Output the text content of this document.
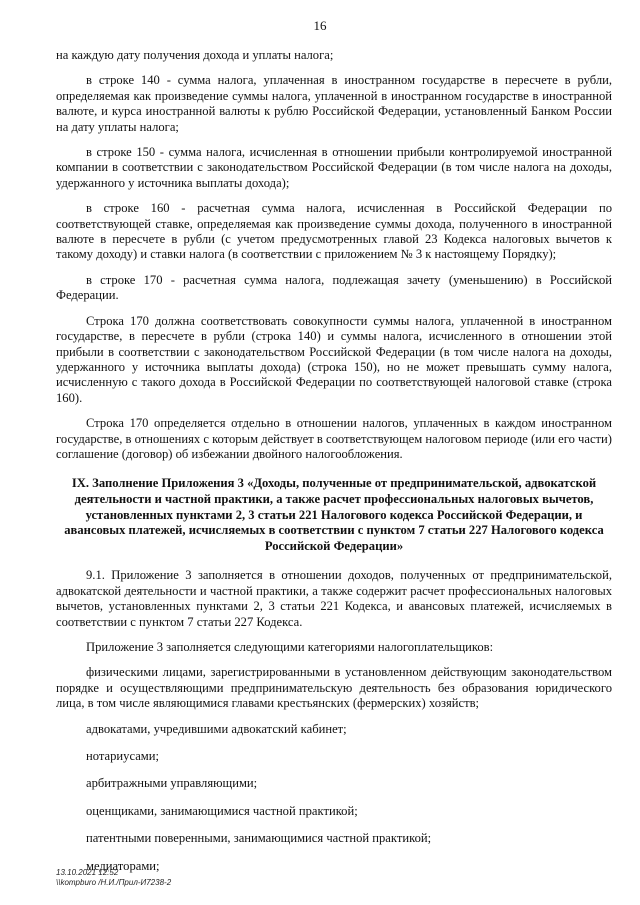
16

на каждую дату получения дохода и уплаты налога;

в строке 140 - сумма налога, уплаченная в иностранном государстве в пересчете в рубли, определяемая как произведение суммы налога, уплаченной в иностранном государстве в иностранной валюте, и курса иностранной валюты к рублю Российской Федерации, установленный Банком России на дату уплаты налога;

в строке 150 - сумма налога, исчисленная в отношении прибыли контролируемой иностранной компании в соответствии с законодательством Российской Федерации (в том числе налога на доходы, удержанного у источника выплаты дохода);

в строке 160 - расчетная сумма налога, исчисленная в Российской Федерации по соответствующей ставке, определяемая как произведение суммы дохода, полученного в иностранной валюте в пересчете в рубли (с учетом предусмотренных главой 23 Кодекса налоговых вычетов к такому доходу) и ставки налога (в соответствии с приложением № 3 к настоящему Порядку);

в строке 170 - расчетная сумма налога, подлежащая зачету (уменьшению) в Российской Федерации.

Строка 170 должна соответствовать совокупности суммы налога, уплаченной в иностранном государстве, в пересчете в рубли (строка 140) и суммы налога, исчисленного в отношении этой прибыли в соответствии с законодательством Российской Федерации (в том числе налога на доходы, удержанного у источника выплаты дохода) (строка 150), но не может превышать сумму налога, исчисленную с такого дохода в Российской Федерации по соответствующей налоговой ставке (строка 160).

Строка 170 определяется отдельно в отношении налогов, уплаченных в каждом иностранном государстве, в отношениях с которым действует в соответствующем налоговом периоде (или его части) соглашение (договор) об избежании двойного налогообложения.

IX. Заполнение Приложения 3 «Доходы, полученные от предпринимательской, адвокатской деятельности и частной практики, а также расчет профессиональных налоговых вычетов, установленных пунктами 2, 3 статьи 221 Налогового кодекса Российской Федерации, и авансовых платежей, исчисляемых в соответствии с пунктом 7 статьи 227 Налогового кодекса Российской Федерации»

9.1. Приложение 3 заполняется в отношении доходов, полученных от предпринимательской, адвокатской деятельности и частной практики, а также содержит расчет профессиональных налоговых вычетов, установленных пунктами 2, 3 статьи 221 Кодекса, и авансовых платежей, исчисляемых в соответствии с пунктом 7 статьи 227 Кодекса.

Приложение 3 заполняется следующими категориями налогоплательщиков:

физическими лицами, зарегистрированными в установленном действующим законодательством порядке и осуществляющими предпринимательскую деятельность без образования юридического лица, в том числе являющимися главами крестьянских (фермерских) хозяйств;

адвокатами, учредившими адвокатский кабинет;

нотариусами;

арбитражными управляющими;

оценщиками, занимающимися частной практикой;

патентными поверенными, занимающимися частной практикой;

медиаторами;

13.10.2021 12:52
\\kompburo /Н.И./Прил-И7238-2
